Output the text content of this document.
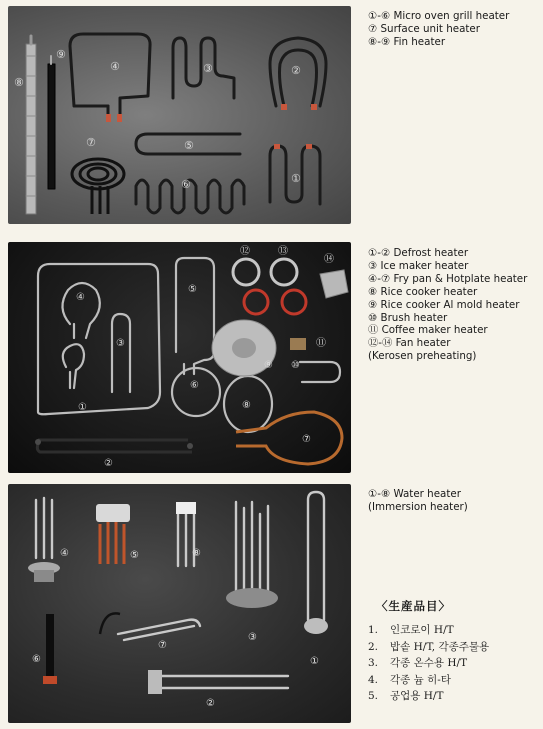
⑧
⑨
④	③	②
⑦	⑤
⑥	①
①-⑥ Micro oven grill heater
⑦ Surface unit heater
⑧-⑨ Fin heater
⑫	⑬
⑭
④
⑤
③
⑨ ⑩
⑪
⑥
⑧
①
⑦
②
①-② Defrost heater
③ Ice maker heater
④-⑦ Fry pan & Hotplate heater
⑧ Rice cooker heater
⑨ Rice cooker Al mold heater
⑩ Brush heater
⑪ Coffee maker heater
⑫-⑭ Fan heater
(Kerosen preheating)
④	⑤	⑧
③
①
⑦
⑥
②
①-⑧ Water heater
(Immersion heater)
〈生産品目〉
1. 인코로이 H/T
2. 밥솥 H/T, 각종주물용
3. 각종 온수용 H/T
4. 각종 늄 히-타
5. 공업용 H/T
